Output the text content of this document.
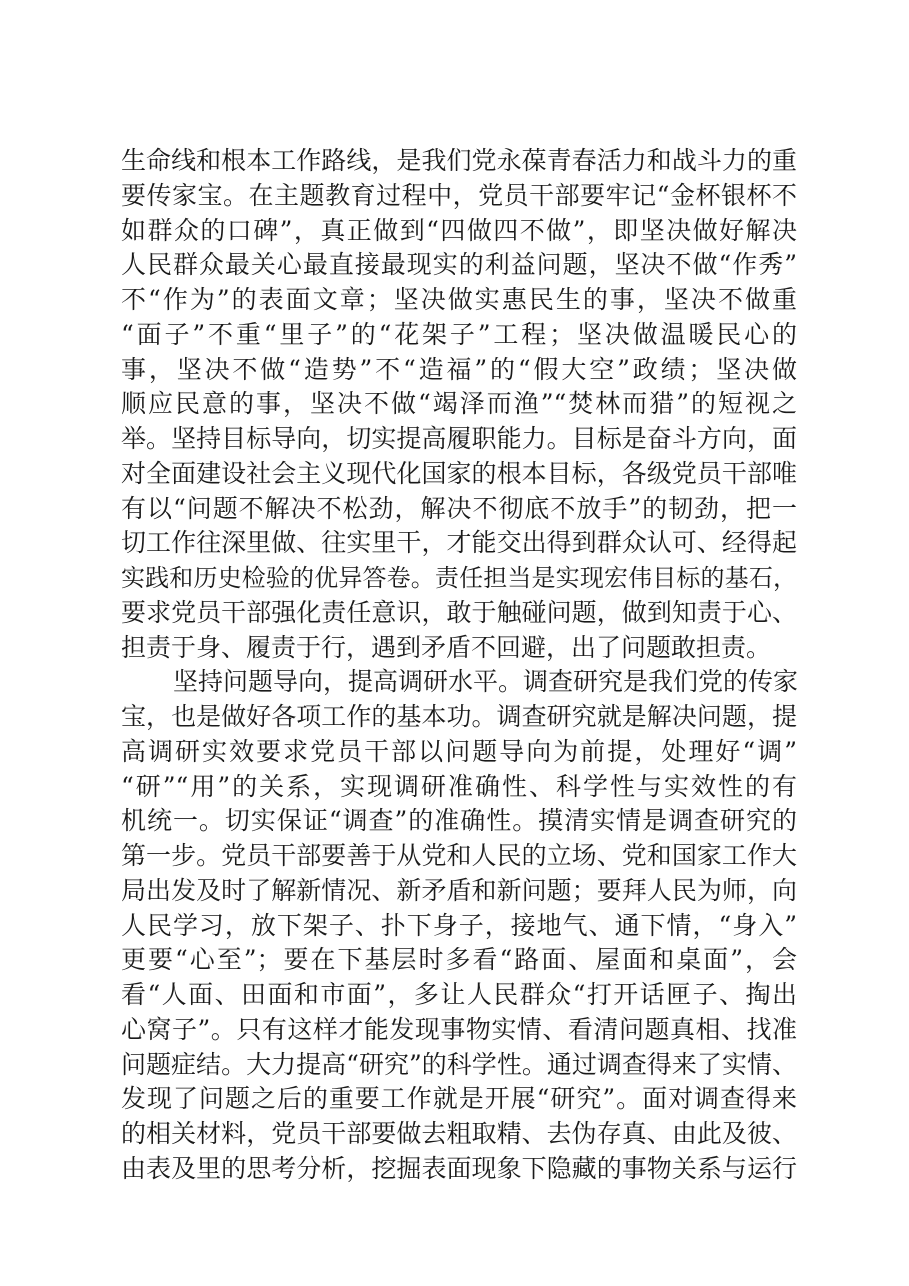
生命线和根本工作路线，是我们党永葆青春活力和战斗力的重
要传家宝。在主题教育过程中，党员干部要牢记“金杯银杯不
如群众的口碑”，真正做到“四做四不做”，即坚决做好解决
人民群众最关心最直接最现实的利益问题，坚决不做“作秀”
不“作为”的表面文章；坚决做实惠民生的事，坚决不做重
“面子”不重“里子”的“花架子”工程；坚决做温暖民心的
事，坚决不做“造势”不“造福”的“假大空”政绩；坚决做
顺应民意的事，坚决不做“竭泽而渔”“焚林而猎”的短视之
举。坚持目标导向，切实提高履职能力。目标是奋斗方向，面
对全面建设社会主义现代化国家的根本目标，各级党员干部唯
有以“问题不解决不松劲，解决不彻底不放手”的韧劲，把一
切工作往深里做、往实里干，才能交出得到群众认可、经得起
实践和历史检验的优异答卷。责任担当是实现宏伟目标的基石，
要求党员干部强化责任意识，敢于触碰问题，做到知责于心、
担责于身、履责于行，遇到矛盾不回避，出了问题敢担责。
坚持问题导向，提高调研水平。调查研究是我们党的传家
宝，也是做好各项工作的基本功。调查研究就是解决问题，提
高调研实效要求党员干部以问题导向为前提，处理好“调”
“研”“用”的关系，实现调研准确性、科学性与实效性的有
机统一。切实保证“调查”的准确性。摸清实情是调查研究的
第一步。党员干部要善于从党和人民的立场、党和国家工作大
局出发及时了解新情况、新矛盾和新问题；要拜人民为师，向
人民学习，放下架子、扑下身子，接地气、通下情，“身入”
更要“心至”；要在下基层时多看“路面、屋面和桌面”，会
看“人面、田面和市面”，多让人民群众“打开话匣子、掏出
心窝子”。只有这样才能发现事物实情、看清问题真相、找准
问题症结。大力提高“研究”的科学性。通过调查得来了实情、
发现了问题之后的重要工作就是开展“研究”。面对调查得来
的相关材料，党员干部要做去粗取精、去伪存真、由此及彼、
由表及里的思考分析，挖掘表面现象下隐藏的事物关系与运行
